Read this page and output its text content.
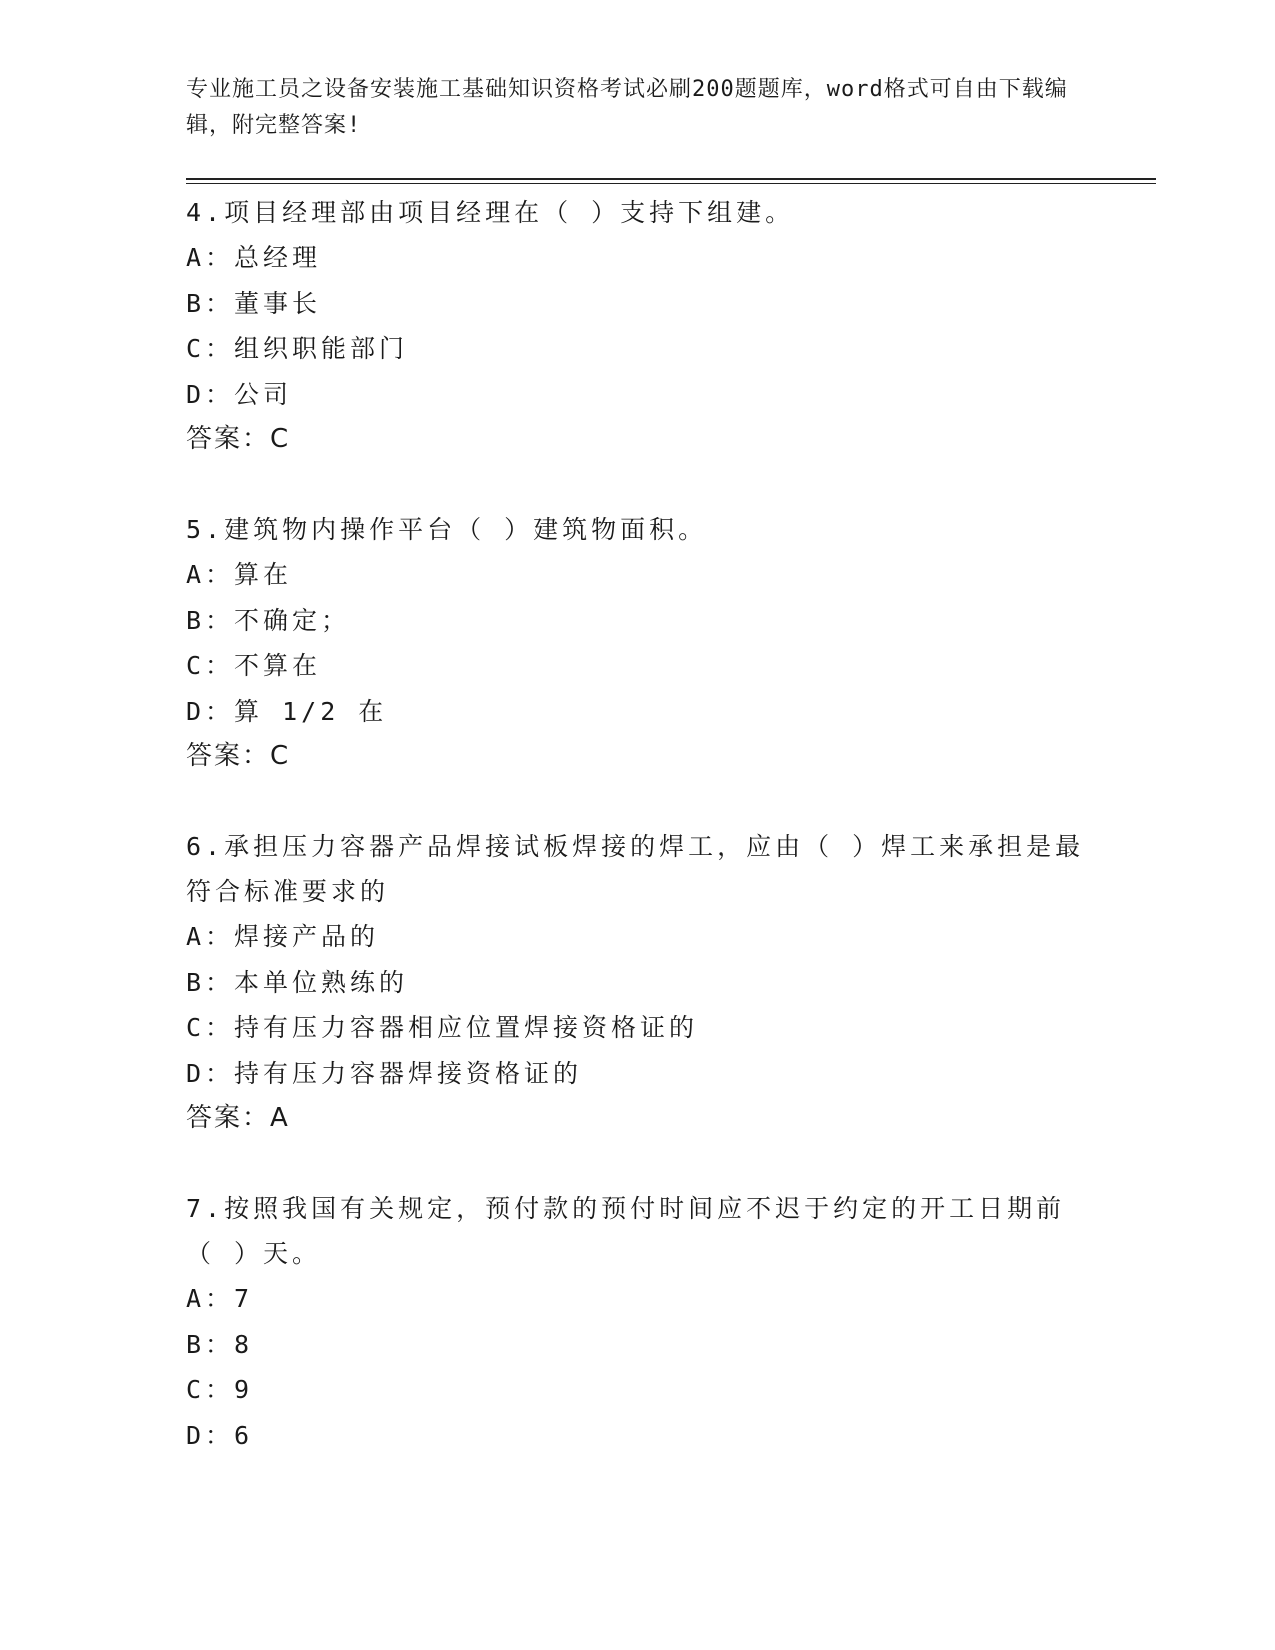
专业施工员之设备安装施工基础知识资格考试必刷200题题库，word格式可自由下载编辑，附完整答案!
4.项目经理部由项目经理在（ ）支持下组建。
A：总经理
B：董事长
C：组织职能部门
D：公司
答案：C
5.建筑物内操作平台（ ）建筑物面积。
A：算在
B：不确定；
C：不算在
D：算 1/2 在
答案：C
6.承担压力容器产品焊接试板焊接的焊工，应由（ ）焊工来承担是最符合标准要求的
A：焊接产品的
B：本单位熟练的
C：持有压力容器相应位置焊接资格证的
D：持有压力容器焊接资格证的
答案：A
7.按照我国有关规定，预付款的预付时间应不迟于约定的开工日期前（ ）天。
A：7
B：8
C：9
D：6
